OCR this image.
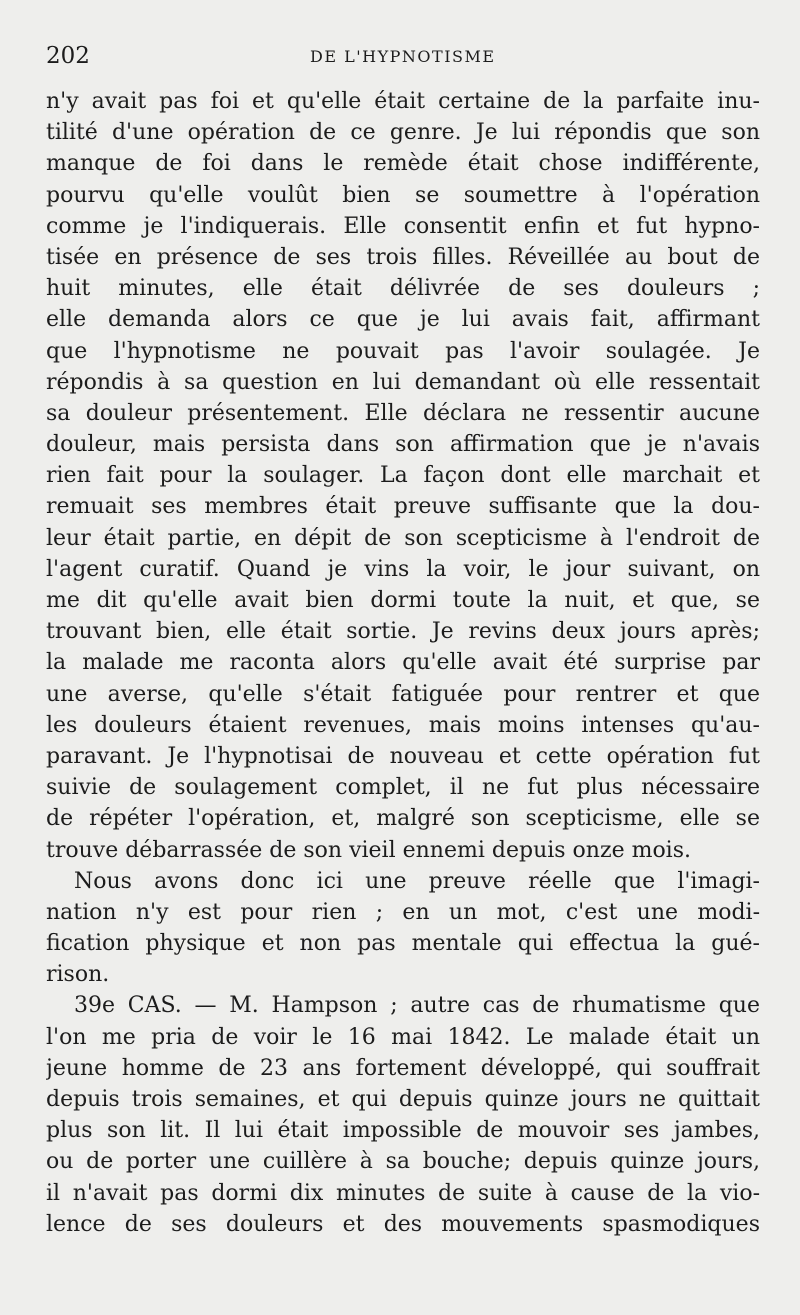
202	DE L'HYPNOTISME
n'y avait pas foi et qu'elle était certaine de la parfaite inu-
tilité d'une opération de ce genre. Je lui répondis que son
manque de foi dans le remède était chose indifférente,
pourvu qu'elle voulût bien se soumettre à l'opération
comme je l'indiquerais. Elle consentit enfin et fut hypno-
tisée en présence de ses trois filles. Réveillée au bout de
huit minutes, elle était délivrée de ses douleurs ;
elle demanda alors ce que je lui avais fait, affirmant
que l'hypnotisme ne pouvait pas l'avoir soulagée. Je
répondis à sa question en lui demandant où elle ressentait
sa douleur présentement. Elle déclara ne ressentir aucune
douleur, mais persista dans son affirmation que je n'avais
rien fait pour la soulager. La façon dont elle marchait et
remuait ses membres était preuve suffisante que la dou-
leur était partie, en dépit de son scepticisme à l'endroit de
l'agent curatif. Quand je vins la voir, le jour suivant, on
me dit qu'elle avait bien dormi toute la nuit, et que, se
trouvant bien, elle était sortie. Je revins deux jours après;
la malade me raconta alors qu'elle avait été surprise par
une averse, qu'elle s'était fatiguée pour rentrer et que
les douleurs étaient revenues, mais moins intenses qu'au-
paravant. Je l'hypnotisai de nouveau et cette opération fut
suivie de soulagement complet, il ne fut plus nécessaire
de répéter l'opération, et, malgré son scepticisme, elle se
trouve débarrassée de son vieil ennemi depuis onze mois.
Nous avons donc ici une preuve réelle que l'imagi-
nation n'y est pour rien ; en un mot, c'est une modi-
fication physique et non pas mentale qui effectua la gué-
rison.
39e CAS. — M. Hampson ; autre cas de rhumatisme que
l'on me pria de voir le 16 mai 1842. Le malade était un
jeune homme de 23 ans fortement développé, qui souffrait
depuis trois semaines, et qui depuis quinze jours ne quittait
plus son lit. Il lui était impossible de mouvoir ses jambes,
ou de porter une cuillère à sa bouche; depuis quinze jours,
il n'avait pas dormi dix minutes de suite à cause de la vio-
lence de ses douleurs et des mouvements spasmodiques
